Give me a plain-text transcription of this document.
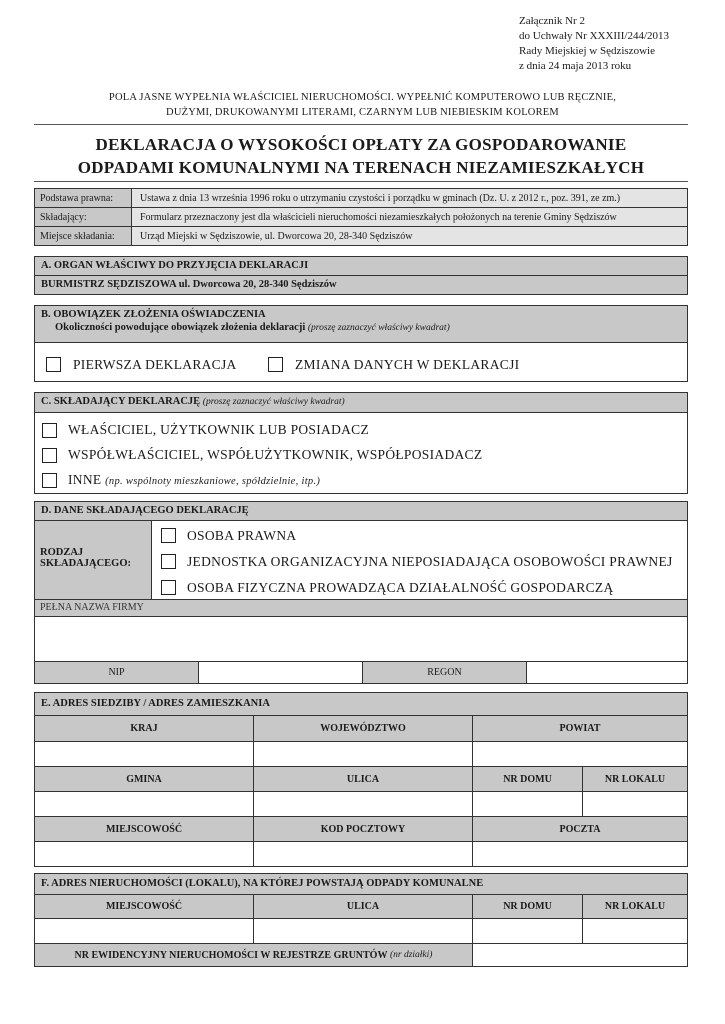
Załącznik Nr 2
do Uchwały Nr XXXIII/244/2013
Rady Miejskiej w Sędziszowie
z dnia 24 maja 2013 roku
POLA JASNE WYPEŁNIA WŁAŚCICIEL NIERUCHOMOŚCI. WYPEŁNIĆ KOMPUTEROWO LUB RĘCZNIE,
DUŻYMI, DRUKOWANYMI LITERAMI, CZARNYM LUB NIEBIESKIM KOLOREM
DEKLARACJA O WYSOKOŚCI OPŁATY ZA GOSPODAROWANIE
ODPADAMI KOMUNALNYMI NA TERENACH NIEZAMIESZKAŁYCH
Podstawa prawna:	Ustawa z dnia 13 września 1996 roku o utrzymaniu czystości i porządku w gminach (Dz. U. z 2012 r., poz. 391, ze zm.)
Składający:	Formularz przeznaczony jest dla właścicieli nieruchomości niezamieszkałych położonych na terenie Gminy Sędziszów
Miejsce składania:	Urząd Miejski w Sędziszowie, ul. Dworcowa 20, 28-340 Sędziszów
A. ORGAN WŁAŚCIWY DO PRZYJĘCIA DEKLARACJI
BURMISTRZ SĘDZISZOWA ul. Dworcowa 20, 28-340 Sędziszów
B. OBOWIĄZEK ZŁOŻENIA OŚWIADCZENIA
Okoliczności powodujące obowiązek złożenia deklaracji (proszę zaznaczyć właściwy kwadrat)
PIERWSZA DEKLARACJA	ZMIANA DANYCH W DEKLARACJI
C. SKŁADAJĄCY DEKLARACJĘ (proszę zaznaczyć właściwy kwadrat)
WŁAŚCICIEL, UŻYTKOWNIK LUB POSIADACZ
WSPÓŁWŁAŚCICIEL, WSPÓŁUŻYTKOWNIK, WSPÓŁPOSIADACZ
INNE (np. wspólnoty mieszkaniowe, spółdzielnie, itp.)
D. DANE SKŁADAJĄCEGO DEKLARACJĘ
RODZAJ
SKŁADAJĄCEGO:
OSOBA PRAWNA
JEDNOSTKA ORGANIZACYJNA NIEPOSIADAJĄCA OSOBOWOŚCI PRAWNEJ
OSOBA FIZYCZNA PROWADZĄCA DZIAŁALNOŚĆ GOSPODARCZĄ
PEŁNA NAZWA FIRMY
NIP	REGON
E. ADRES SIEDZIBY / ADRES ZAMIESZKANIA
KRAJ	WOJEWÓDZTWO	POWIAT
GMINA	ULICA	NR DOMU	NR LOKALU
MIEJSCOWOŚĆ	KOD POCZTOWY	POCZTA
F. ADRES NIERUCHOMOŚCI (LOKALU), NA KTÓREJ POWSTAJĄ ODPADY KOMUNALNE
MIEJSCOWOŚĆ	ULICA	NR DOMU	NR LOKALU
NR EWIDENCYJNY NIERUCHOMOŚCI W REJESTRZE GRUNTÓW
(nr działki)
